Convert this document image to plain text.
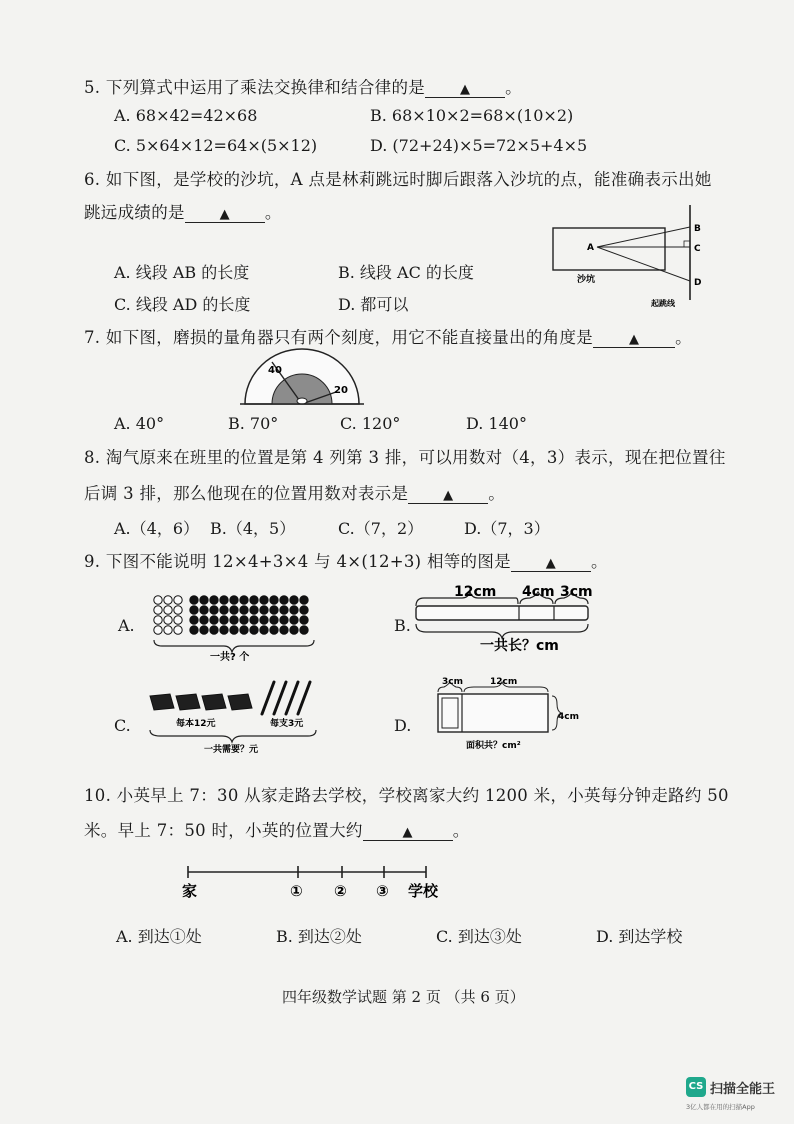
5. 下列算式中运用了乘法交换律和结合律的是	▲ 。
A. 68×42=42×68	B. 68×10×2=68×(10×2)
C. 5×64×12=64×(5×12)	D. (72+24)×5=72×5+4×5
6. 如下图，是学校的沙坑，A 点是林莉跳远时脚后跟落入沙坑的点，能准确表示出她
跳远成绩的是	▲ 。
A. 线段 AB 的长度	B. 线段 AC 的长度
C. 线段 AD 的长度	D. 都可以
A
B
C
D
沙坑
起跳线
7. 如下图，磨损的量角器只有两个刻度，用它不能直接量出的角度是	▲ 。
40
20
A. 40°	B. 70°	C. 120°	D. 140°
8. 淘气原来在班里的位置是第 4 列第 3 排，可以用数对（4，3）表示，现在把位置往
后调 3 排，那么他现在的位置用数对表示是	▲ 。
A.（4，6） B.（4，5）	C.（7，2）	D.（7，3）
9. 下图不能说明 12×4+3×4 与 4×(12+3) 相等的图是	▲ 。
A.
一共? 个
B.
12cm 4cm 3cm
一共长？cm
C.	每本12元	每支3元
一共需要？元
D.
3cm	12cm
4cm
面积共？cm²
10. 小英早上 7：30 从家走路去学校，学校离家大约 1200 米，小英每分钟走路约 50
米。早上 7：50 时，小英的位置大约	▲ 。
家	① ② ③ 学校
A. 到达①处	B. 到达②处	C. 到达③处	D. 到达学校
四年级数学试题 第 2 页 （共 6 页）
CS 扫描全能王
3亿人都在用的扫描App
